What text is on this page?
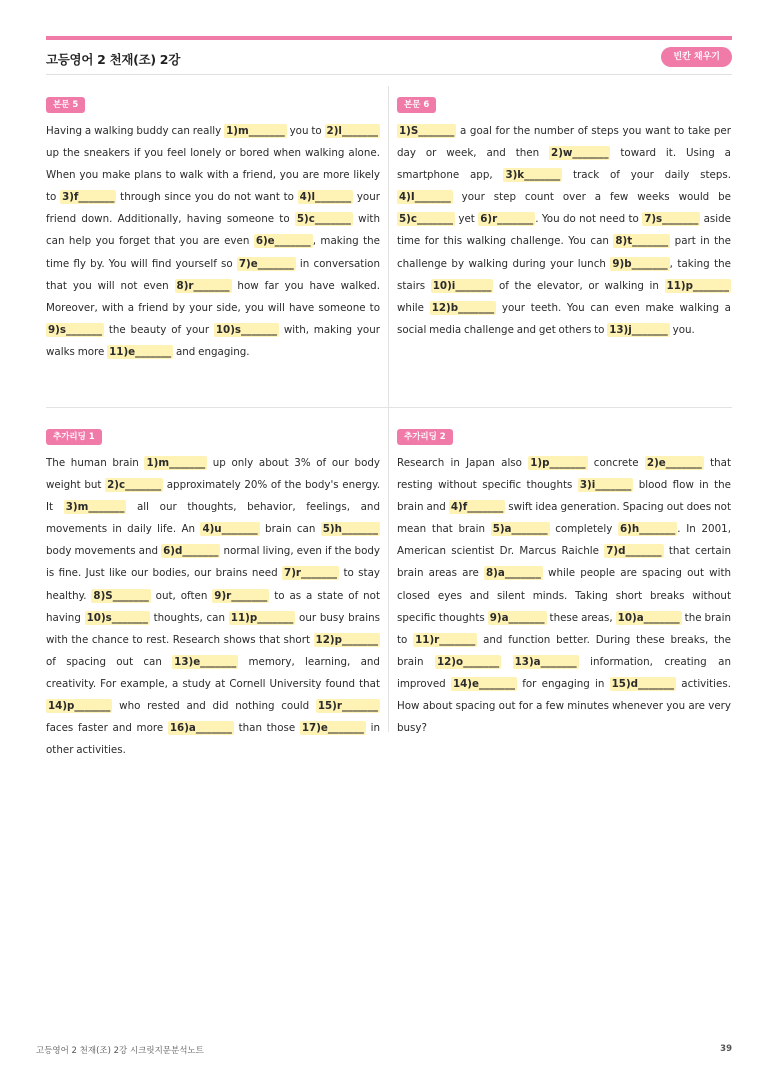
고등영어 2 천재(조) 2강	빈칸 채우기
본문 5
Having a walking buddy can really 1)m_______ you to 2)l_______ up the sneakers if you feel lonely or bored when walking alone. When you make plans to walk with a friend, you are more likely to 3)f_______ through since you do not want to 4)l_______ your friend down. Additionally, having someone to 5)c_______ with can help you forget that you are even 6)e_______ , making the time fly by. You will find yourself so 7)e_______ in conversation that you will not even 8)r_______ how far you have walked. Moreover, with a friend by your side, you will have someone to 9)s_______ the beauty of your 10)s_______ with, making your walks more 11)e_______ and engaging.
본문 6
1)S_______ a goal for the number of steps you want to take per day or week, and then 2)w_______ toward it. Using a smartphone app, 3)k_______ track of your daily steps. 4)I_______ your step count over a few weeks would be 5)c_______ yet 6)r_______ . You do not need to 7)s_______ aside time for this walking challenge. You can 8)t_______ part in the challenge by walking during your lunch 9)b_______ , taking the stairs 10)i_______ of the elevator, or walking in 11)p_______ while 12)b_______ your teeth. You can even make walking a social media challenge and get others to 13)j_______ you.
추가리딩 1
The human brain 1)m_______ up only about 3% of our body weight but 2)c_______ approximately 20% of the body's energy. It 3)m_______ all our thoughts, behavior, feelings, and movements in daily life. An 4)u_______ brain can 5)h_______ body movements and 6)d_______ normal living, even if the body is fine. Just like our bodies, our brains need 7)r_______ to stay healthy. 8)S_______ out, often 9)r_______ to as a state of not having 10)s_______ thoughts, can 11)p_______ our busy brains with the chance to rest. Research shows that short 12)p_______ of spacing out can 13)e_______ memory, learning, and creativity. For example, a study at Cornell University found that 14)p_______ who rested and did nothing could 15)r_______ faces faster and more 16)a_______ than those 17)e_______ in other activities.
추가리딩 2
Research in Japan also 1)p_______ concrete 2)e_______ that resting without specific thoughts 3)i_______ blood flow in the brain and 4)f_______ swift idea generation. Spacing out does not mean that brain 5)a_______ completely 6)h_______ . In 2001, American scientist Dr. Marcus Raichle 7)d_______ that certain brain areas are 8)a_______ while people are spacing out with closed eyes and silent minds. Taking short breaks without specific thoughts 9)a_______ these areas, 10)a_______ the brain to 11)r_______ and function better. During these breaks, the brain 12)o_______ 13)a_______ information, creating an improved 14)e_______ for engaging in 15)d_______ activities. How about spacing out for a few minutes whenever you are very busy?
고등영어 2 천재(조) 2강 시크릿지문분석노트	39
